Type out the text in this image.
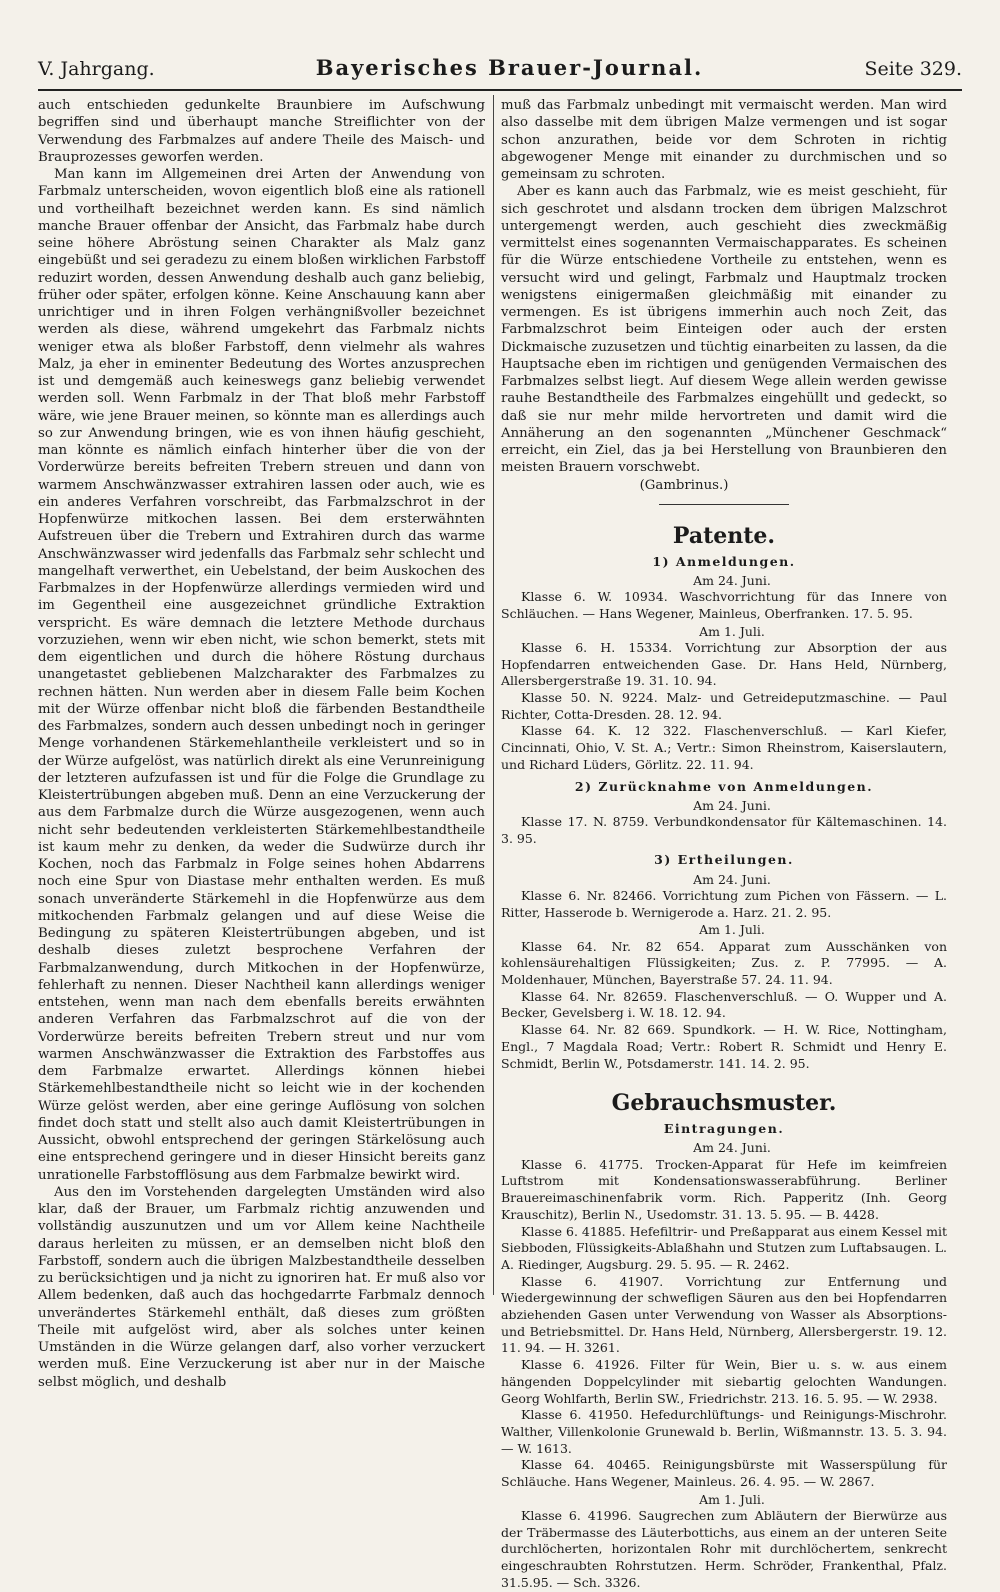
V. Jahrgang.	Bayerisches Brauer-Journal.	Seite 329.

auch entschieden gedunkelte Braunbiere im Aufschwung begriffen sind und überhaupt manche Streiflichter von der Verwendung des Farbmalzes auf andere Theile des Maisch- und Brauprozesses geworfen werden.

Man kann im Allgemeinen drei Arten der Anwendung von Farbmalz unterscheiden, wovon eigentlich bloß eine als rationell und vortheilhaft bezeichnet werden kann. Es sind nämlich manche Brauer offenbar der Ansicht, das Farbmalz habe durch seine höhere Abröstung seinen Charakter als Malz ganz eingebüßt und sei geradezu zu einem bloßen wirklichen Farbstoff reduzirt worden, dessen Anwendung deshalb auch ganz beliebig, früher oder später, erfolgen könne. Keine Anschauung kann aber unrichtiger und in ihren Folgen verhängnißvoller bezeichnet werden als diese, während umgekehrt das Farbmalz nichts weniger etwa als bloßer Farbstoff, denn vielmehr als wahres Malz, ja eher in eminenter Bedeutung des Wortes anzusprechen ist und demgemäß auch keineswegs ganz beliebig verwendet werden soll. Wenn Farbmalz in der That bloß mehr Farbstoff wäre, wie jene Brauer meinen, so könnte man es allerdings auch so zur Anwendung bringen, wie es von ihnen häufig geschieht, man könnte es nämlich einfach hinterher über die von der Vorderwürze bereits befreiten Trebern streuen und dann von warmem Anschwänzwasser extrahiren lassen oder auch, wie es ein anderes Verfahren vorschreibt, das Farbmalzschrot in der Hopfenwürze mitkochen lassen. Bei dem ersterwähnten Aufstreuen über die Trebern und Extrahiren durch das warme Anschwänzwasser wird jedenfalls das Farbmalz sehr schlecht und mangelhaft verwerthet, ein Uebelstand, der beim Auskochen des Farbmalzes in der Hopfenwürze allerdings vermieden wird und im Gegentheil eine ausgezeichnet gründliche Extraktion verspricht. Es wäre demnach die letztere Methode durchaus vorzuziehen, wenn wir eben nicht, wie schon bemerkt, stets mit dem eigentlichen und durch die höhere Röstung durchaus unangetastet gebliebenen Malzcharakter des Farbmalzes zu rechnen hätten. Nun werden aber in diesem Falle beim Kochen mit der Würze offenbar nicht bloß die färbenden Bestandtheile des Farbmalzes, sondern auch dessen unbedingt noch in geringer Menge vorhandenen Stärkemehlantheile verkleistert und so in der Würze aufgelöst, was natürlich direkt als eine Verunreinigung der letzteren aufzufassen ist und für die Folge die Grundlage zu Kleistertrübungen abgeben muß. Denn an eine Verzuckerung der aus dem Farbmalze durch die Würze ausgezogenen, wenn auch nicht sehr bedeutenden verkleisterten Stärkemehlbestandtheile ist kaum mehr zu denken, da weder die Sudwürze durch ihr Kochen, noch das Farbmalz in Folge seines hohen Abdarrens noch eine Spur von Diastase mehr enthalten werden. Es muß sonach unveränderte Stärkemehl in die Hopfenwürze aus dem mitkochenden Farbmalz gelangen und auf diese Weise die Bedingung zu späteren Kleistertrübungen abgeben, und ist deshalb dieses zuletzt besprochene Verfahren der Farbmalzanwendung, durch Mitkochen in der Hopfenwürze, fehlerhaft zu nennen. Dieser Nachtheil kann allerdings weniger entstehen, wenn man nach dem ebenfalls bereits erwähnten anderen Verfahren das Farbmalzschrot auf die von der Vorderwürze bereits befreiten Trebern streut und nur vom warmen Anschwänzwasser die Extraktion des Farbstoffes aus dem Farbmalze erwartet. Allerdings können hiebei Stärkemehlbestandtheile nicht so leicht wie in der kochenden Würze gelöst werden, aber eine geringe Auflösung von solchen findet doch statt und stellt also auch damit Kleistertrübungen in Aussicht, obwohl entsprechend der geringen Stärkelösung auch eine entsprechend geringere und in dieser Hinsicht bereits ganz unrationelle Farbstofflösung aus dem Farbmalze bewirkt wird.

Aus den im Vorstehenden dargelegten Umständen wird also klar, daß der Brauer, um Farbmalz richtig anzuwenden und vollständig auszunutzen und um vor Allem keine Nachtheile daraus herleiten zu müssen, er an demselben nicht bloß den Farbstoff, sondern auch die übrigen Malzbestandtheile desselben zu berücksichtigen und ja nicht zu ignoriren hat. Er muß also vor Allem bedenken, daß auch das hochgedarrte Farbmalz dennoch unverändertes Stärkemehl enthält, daß dieses zum größten Theile mit aufgelöst wird, aber als solches unter keinen Umständen in die Würze gelangen darf, also vorher verzuckert werden muß. Eine Verzuckerung ist aber nur in der Maische selbst möglich, und deshalb

muß das Farbmalz unbedingt mit vermaischt werden. Man wird also dasselbe mit dem übrigen Malze vermengen und ist sogar schon anzurathen, beide vor dem Schroten in richtig abgewogener Menge mit einander zu durchmischen und so gemeinsam zu schroten.

Aber es kann auch das Farbmalz, wie es meist geschieht, für sich geschrotet und alsdann trocken dem übrigen Malzschrot untergemengt werden, auch geschieht dies zweckmäßig vermittelst eines sogenannten Vermaischapparates. Es scheinen für die Würze entschiedene Vortheile zu entstehen, wenn es versucht wird und gelingt, Farbmalz und Hauptmalz trocken wenigstens einigermaßen gleichmäßig mit einander zu vermengen. Es ist übrigens immerhin auch noch Zeit, das Farbmalzschrot beim Einteigen oder auch der ersten Dickmaische zuzusetzen und tüchtig einarbeiten zu lassen, da die Hauptsache eben im richtigen und genügenden Vermaischen des Farbmalzes selbst liegt. Auf diesem Wege allein werden gewisse rauhe Bestandtheile des Farbmalzes eingehüllt und gedeckt, so daß sie nur mehr milde hervortreten und damit wird die Annäherung an den sogenannten „Münchener Geschmack“ erreicht, ein Ziel, das ja bei Herstellung von Braunbieren den meisten Brauern vorschwebt.

(Gambrinus.)

Patente.
1) Anmeldungen.

Am 24. Juni.

Klasse 6. W. 10934. Waschvorrichtung für das Innere von Schläuchen. — Hans Wegener, Mainleus, Oberfranken. 17. 5. 95.

Am 1. Juli.

Klasse 6. H. 15334. Vorrichtung zur Absorption der aus Hopfendarren entweichenden Gase. Dr. Hans Held, Nürnberg, Allersbergerstraße 19. 31. 10. 94.

Klasse 50. N. 9224. Malz- und Getreideputzmaschine. — Paul Richter, Cotta-Dresden. 28. 12. 94.

Klasse 64. K. 12 322. Flaschenverschluß. — Karl Kiefer, Cincinnati, Ohio, V. St. A.; Vertr.: Simon Rheinstrom, Kaiserslautern, und Richard Lüders, Görlitz. 22. 11. 94.

2) Zurücknahme von Anmeldungen.

Am 24. Juni.

Klasse 17. N. 8759. Verbundkondensator für Kältemaschinen. 14. 3. 95.

3) Ertheilungen.

Am 24. Juni.

Klasse 6. Nr. 82466. Vorrichtung zum Pichen von Fässern. — L. Ritter, Hasserode b. Wernigerode a. Harz. 21. 2. 95.

Am 1. Juli.

Klasse 64. Nr. 82 654. Apparat zum Ausschänken von kohlensäurehaltigen Flüssigkeiten; Zus. z. P. 77995. — A. Moldenhauer, München, Bayerstraße 57. 24. 11. 94.

Klasse 64. Nr. 82659. Flaschenverschluß. — O. Wupper und A. Becker, Gevelsberg i. W. 18. 12. 94.

Klasse 64. Nr. 82 669. Spundkork. — H. W. Rice, Nottingham, Engl., 7 Magdala Road; Vertr.: Robert R. Schmidt und Henry E. Schmidt, Berlin W., Potsdamerstr. 141. 14. 2. 95.

Gebrauchsmuster.
Eintragungen.

Am 24. Juni.

Klasse 6. 41775. Trocken-Apparat für Hefe im keimfreien Luftstrom mit Kondensationswasserabführung. Berliner Brauereimaschinenfabrik vorm. Rich. Papperitz (Inh. Georg Krauschitz), Berlin N., Usedomstr. 31. 13. 5. 95. — B. 4428.

Klasse 6. 41885. Hefefiltrir- und Preßapparat aus einem Kessel mit Siebboden, Flüssigkeits-Ablaßhahn und Stutzen zum Luftabsaugen. L. A. Riedinger, Augsburg. 29. 5. 95. — R. 2462.

Klasse 6. 41907. Vorrichtung zur Entfernung und Wiedergewinnung der schwefligen Säuren aus den bei Hopfendarren abziehenden Gasen unter Verwendung von Wasser als Absorptions- und Betriebsmittel. Dr. Hans Held, Nürnberg, Allersbergerstr. 19. 12. 11. 94. — H. 3261.

Klasse 6. 41926. Filter für Wein, Bier u. s. w. aus einem hängenden Doppelcylinder mit siebartig gelochten Wandungen. Georg Wohlfarth, Berlin SW., Friedrichstr. 213. 16. 5. 95. — W. 2938.

Klasse 6. 41950. Hefedurchlüftungs- und Reinigungs-Mischrohr. Walther, Villenkolonie Grunewald b. Berlin, Wißmannstr. 13. 5. 3. 94. — W. 1613.

Klasse 64. 40465. Reinigungsbürste mit Wasserspülung für Schläuche. Hans Wegener, Mainleus. 26. 4. 95. — W. 2867.

Am 1. Juli.

Klasse 6. 41996. Saugrechen zum Abläutern der Bierwürze aus der Träbermasse des Läuterbottichs, aus einem an der unteren Seite durchlöcherten, horizontalen Rohr mit durchlöchertem, senkrecht eingeschraubten Rohrstutzen. Herm. Schröder, Frankenthal, Pfalz. 31.5.95. — Sch. 3326.
